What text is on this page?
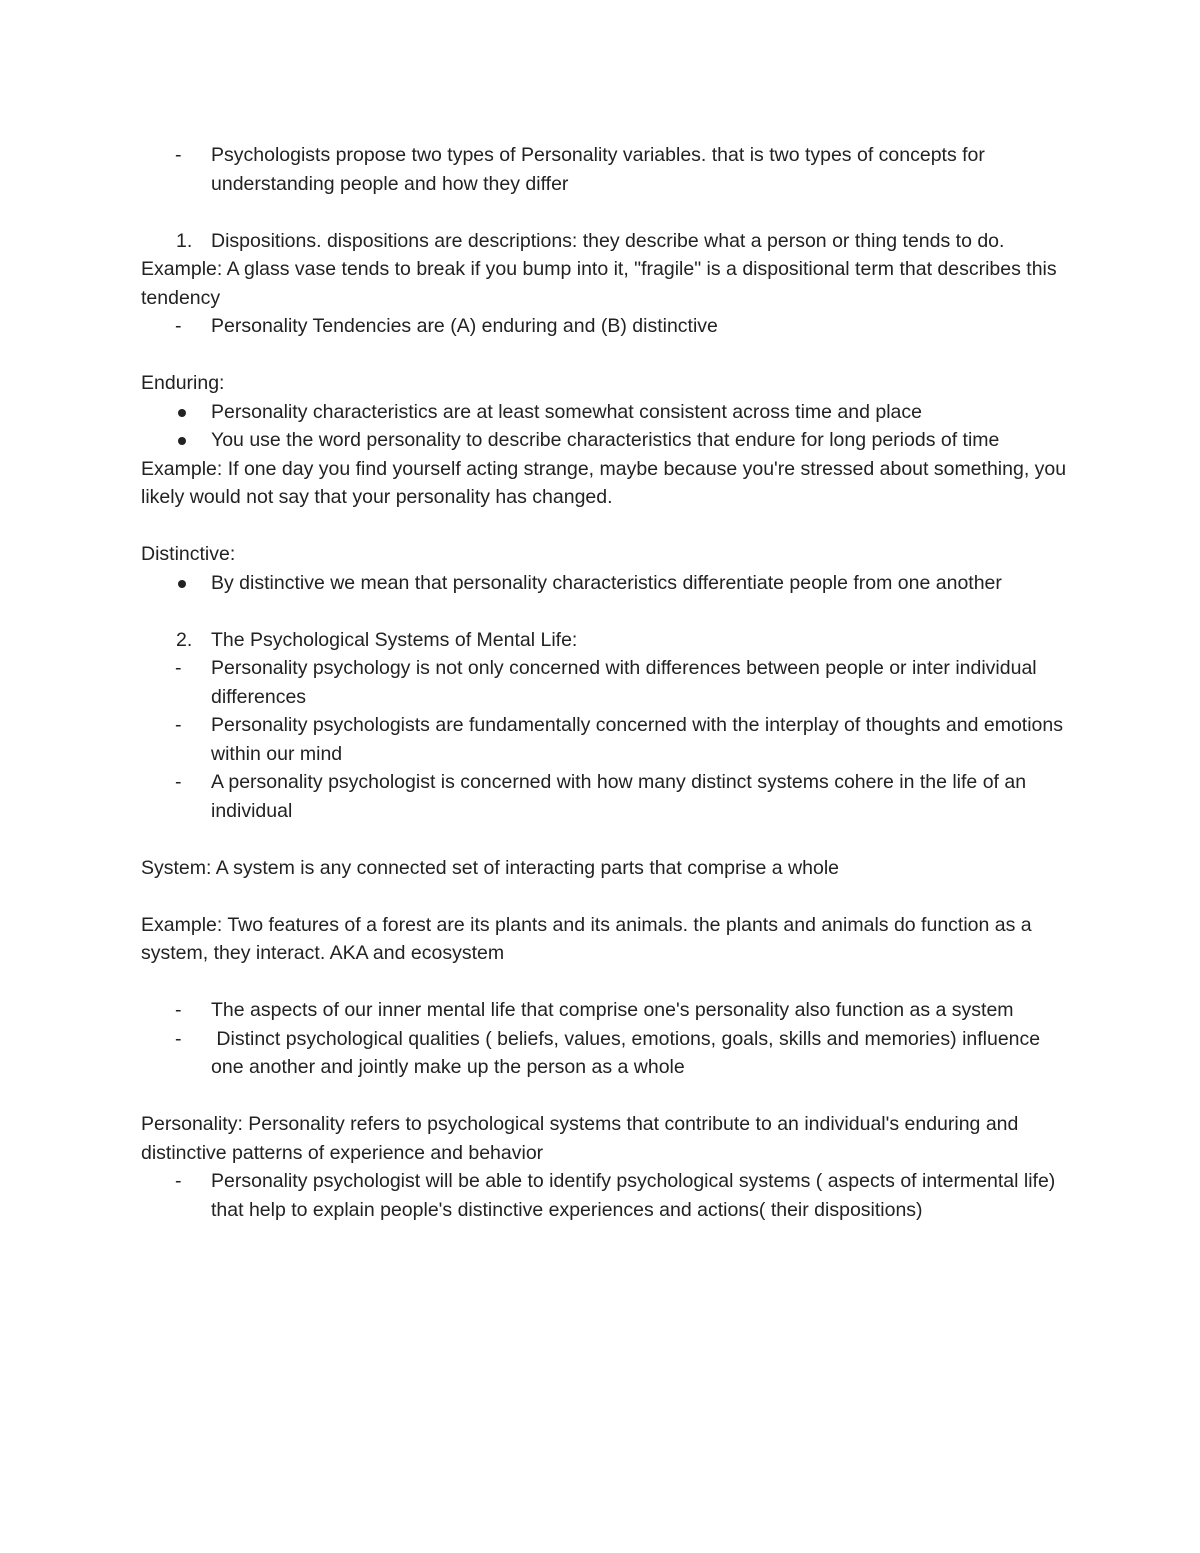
- Psychologists propose two types of Personality variables. that is two types of concepts for understanding people and how they differ
1. Dispositions. dispositions are descriptions: they describe what a person or thing tends to do.
Example: A glass vase tends to break if you bump into it, "fragile" is a dispositional term that describes this tendency
- Personality Tendencies are (A) enduring and (B) distinctive
Enduring:
Personality characteristics are at least somewhat consistent across time and place
You use the word personality to describe characteristics that endure for long periods of time
Example: If one day you find yourself acting strange, maybe because you're stressed about something, you likely would not say that your personality has changed.
Distinctive:
By distinctive we mean that personality characteristics differentiate people from one another
2. The Psychological Systems of Mental Life:
- Personality psychology is not only concerned with differences between people or inter individual differences
- Personality psychologists are fundamentally concerned with the interplay of thoughts and emotions within our mind
- A personality psychologist is concerned with how many distinct systems cohere in the life of an individual
System: A system is any connected set of interacting parts that comprise a whole
Example: Two features of a forest are its plants and its animals. the plants and animals do function as a system, they interact. AKA and ecosystem
- The aspects of our inner mental life that comprise one's personality also function as a system
- Distinct psychological qualities ( beliefs, values, emotions, goals, skills and memories) influence one another and jointly make up the person as a whole
Personality: Personality refers to psychological systems that contribute to an individual's enduring and distinctive patterns of experience and behavior
- Personality psychologist will be able to identify psychological systems ( aspects of intermental life) that help to explain people's distinctive experiences and actions( their dispositions)
